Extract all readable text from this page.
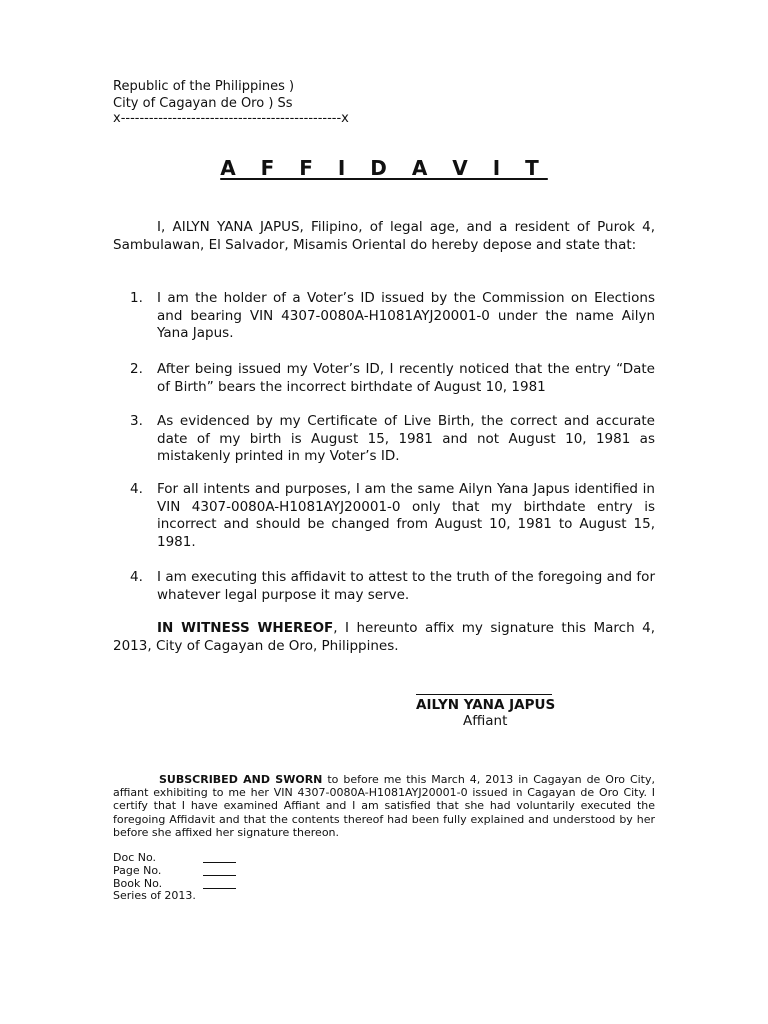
Republic of the Philippines )
City of Cagayan de Oro ) Ss
x-----------------------------------------------x
A F F I D A V I T
I, AILYN YANA JAPUS, Filipino, of legal age, and a resident of Purok 4, Sambulawan, El Salvador, Misamis Oriental do hereby depose and state that:
1.	I am the holder of a Voter’s ID issued by the Commission on Elections and bearing VIN 4307-0080A-H1081AYJ20001-0 under the name Ailyn Yana Japus.
2.	After being issued my Voter’s ID, I recently noticed that the entry “Date of Birth” bears the incorrect birthdate of August 10, 1981
3.	As evidenced by my Certificate of Live Birth, the correct and accurate date of my birth is August 15, 1981 and not August 10, 1981 as mistakenly printed in my Voter’s ID.
4.	For all intents and purposes, I am the same Ailyn Yana Japus identified in VIN 4307-0080A-H1081AYJ20001-0 only that my birthdate entry is incorrect and should be changed from August 10, 1981 to August 15, 1981.
4.	I am executing this affidavit to attest to the truth of the foregoing and for whatever legal purpose it may serve.
IN WITNESS WHEREOF, I hereunto affix my signature this March 4, 2013, City of Cagayan de Oro, Philippines.
AILYN YANA JAPUS
Affiant
SUBSCRIBED AND SWORN to before me this March 4, 2013 in Cagayan de Oro City, affiant exhibiting to me her VIN 4307-0080A-H1081AYJ20001-0 issued in Cagayan de Oro City. I certify that I have examined Affiant and I am satisfied that she had voluntarily executed the foregoing Affidavit and that the contents thereof had been fully explained and understood by her before she affixed her signature thereon.
Doc No.
Page No.
Book No.
Series of 2013.
